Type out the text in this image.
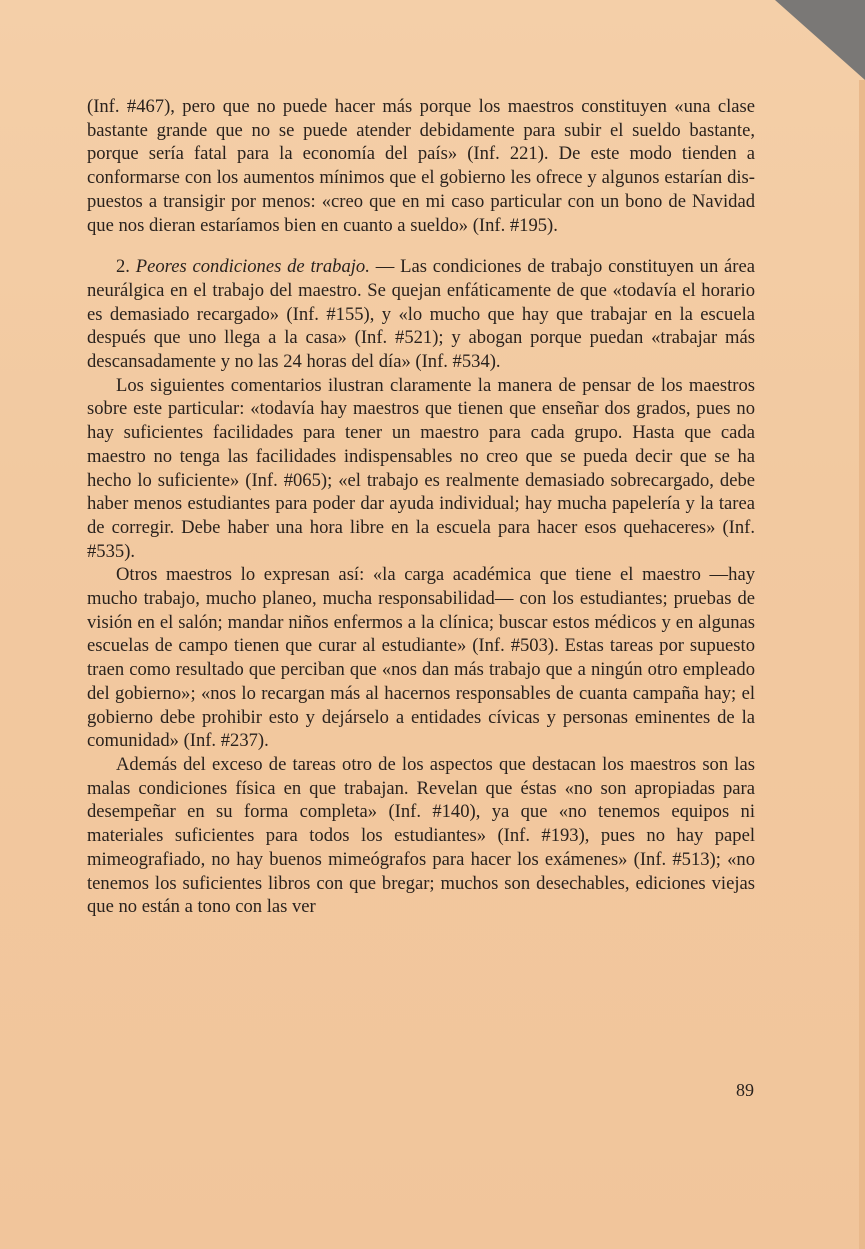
(Inf. #467), pero que no puede hacer más porque los maestros constituyen «una clase bastante grande que no se puede atender debidamente para subir el sueldo bastante, porque sería fatal para la economía del país» (Inf. 221). De este modo tienden a conformarse con los aumentos mínimos que el gobierno les ofrece y algunos estarían dispuestos a transigir por menos: «creo que en mi caso particular con un bono de Navidad que nos dieran estaríamos bien en cuanto a sueldo» (Inf. #195).

2. Peores condiciones de trabajo. — Las condiciones de trabajo constituyen un área neurálgica en el trabajo del maestro. Se quejan enfáticamente de que «todavía el horario es demasiado recargado» (Inf. #155), y «lo mucho que hay que trabajar en la escuela después que uno llega a la casa» (Inf. #521); y abogan porque puedan «trabajar más descansadamente y no las 24 horas del día» (Inf. #534).

Los siguientes comentarios ilustran claramente la manera de pensar de los maestros sobre este particular: «todavía hay maestros que tienen que enseñar dos grados, pues no hay suficientes facilidades para tener un maestro para cada grupo. Hasta que cada maestro no tenga las facilidades indispensables no creo que se pueda decir que se ha hecho lo suficiente» (Inf. #065); «el trabajo es realmente demasiado sobrecargado, debe haber menos estudiantes para poder dar ayuda individual; hay mucha papelería y la tarea de corregir. Debe haber una hora libre en la escuela para hacer esos quehaceres» (Inf. #535).

Otros maestros lo expresan así: «la carga académica que tiene el maestro —hay mucho trabajo, mucho planeo, mucha responsabilidad— con los estudiantes; pruebas de visión en el salón; mandar niños enfermos a la clínica; buscar estos médicos y en algunas escuelas de campo tienen que curar al estudiante» (Inf. #503). Estas tareas por supuesto traen como resultado que perciban que «nos dan más trabajo que a ningún otro empleado del gobierno»; «nos lo recargan más al hacernos responsables de cuanta campaña hay; el gobierno debe prohibir esto y dejárselo a entidades cívicas y personas eminentes de la comunidad» (Inf. #237).

Además del exceso de tareas otro de los aspectos que destacan los maestros son las malas condiciones física en que trabajan. Revelan que éstas «no son apropiadas para desempeñar en su forma completa» (Inf. #140), ya que «no tenemos equipos ni materiales suficientes para todos los estudiantes» (Inf. #193), pues no hay papel mimeografiado, no hay buenos mimeógrafos para hacer los exámenes» (Inf. #513); «no tenemos los suficientes libros con que bregar; muchos son desechables, ediciones viejas que no están a tono con las ver

89
